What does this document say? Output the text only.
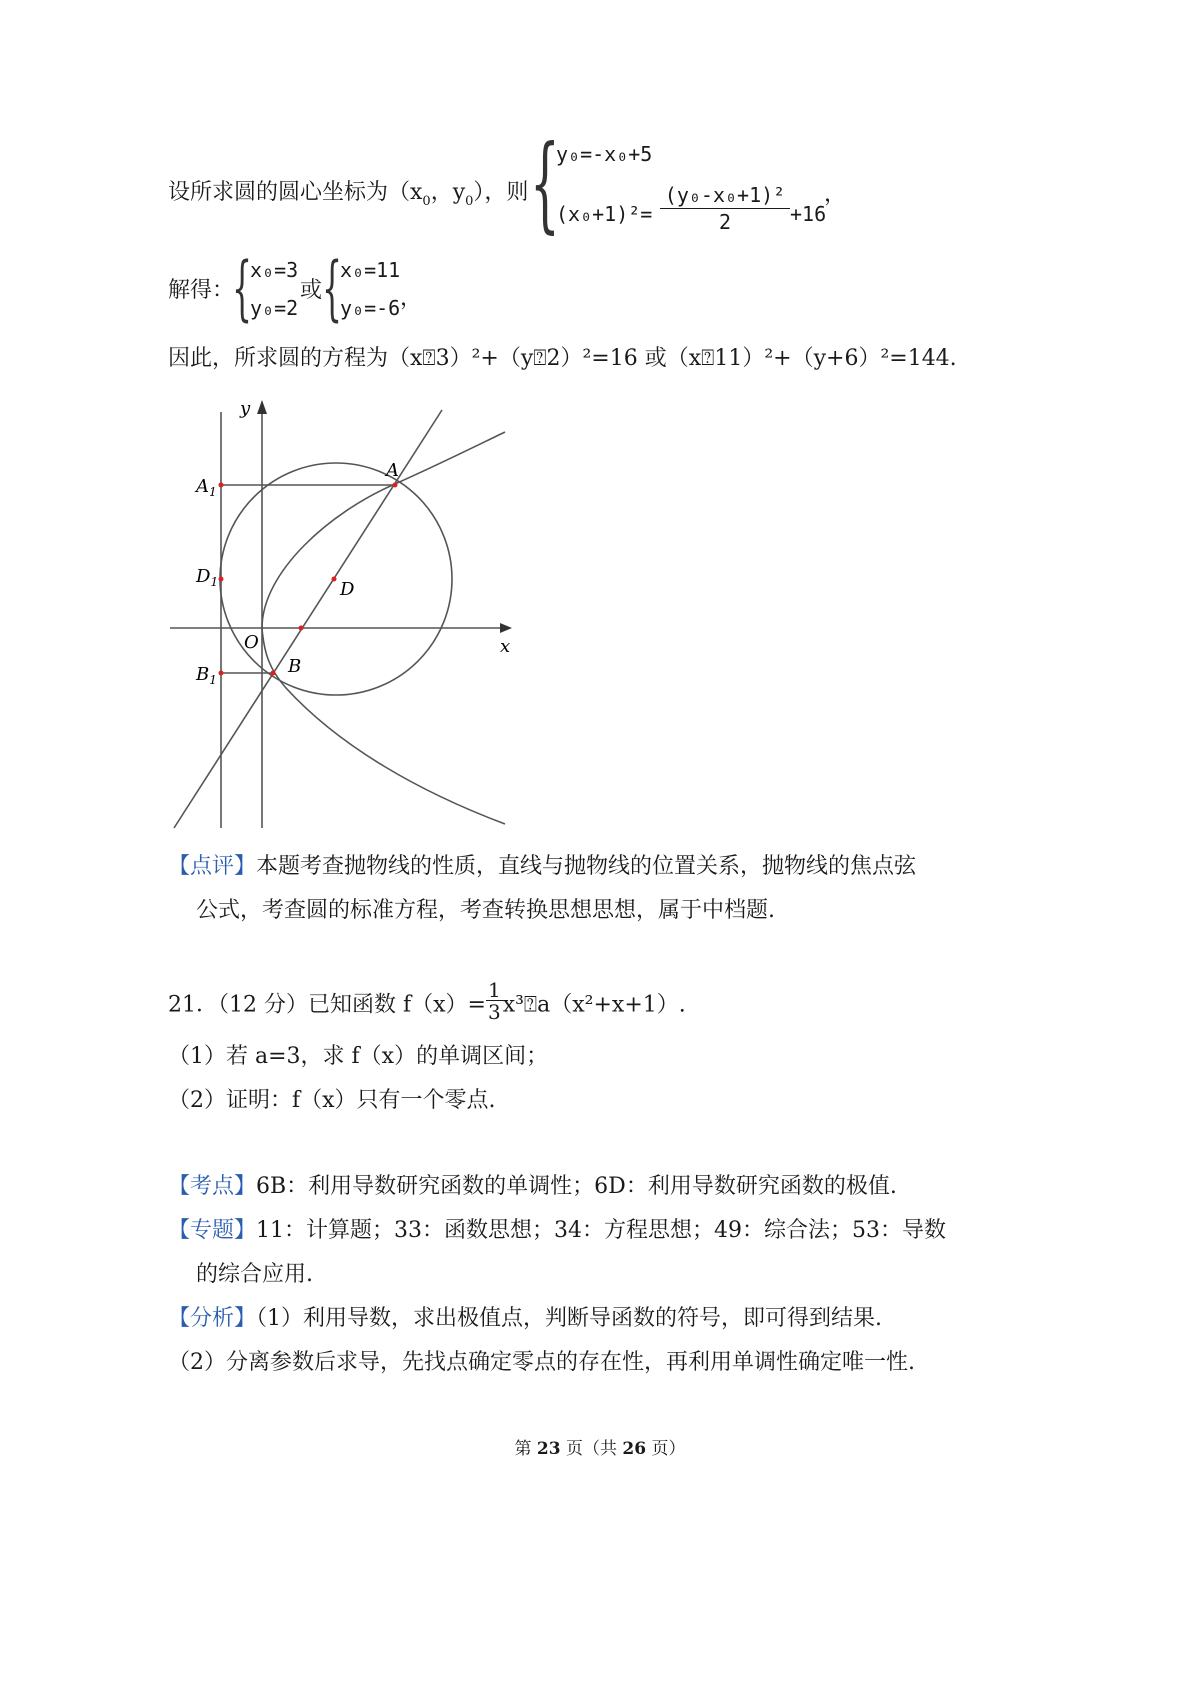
设所求圆的圆心坐标为（$x_0$，$y_0$），则 {
y₀=-x₀+5
$(x_0+1)^2= \frac{\text{(y₀-x₀+1)²}}{2} +16$
，
解得：
{
x₀=3
y₀=2
或 {
x₀=11
y₀=-6 ，
因此，所求圆的方程为（x⍰3）²+（y⍰2）²=16 或（x⍰11）²+（y+6）²=144.
y
x
O
A
B
D
$A_1$
$B_1$
$D_1$
【点评】本题考查抛物线的性质，直线与抛物线的位置关系，抛物线的焦点弦
公式，考查圆的标准方程，考查转换思想思想，属于中档题.
21．（12 分）已知函数 $f(x)= \frac{1}{3}$ x³⍰a（x²+x+1）.
（1）若 a=3，求 f（x）的单调区间；
（2）证明：f（x）只有一个零点.
【考点】6B：利用导数研究函数的单调性；6D：利用导数研究函数的极值.
【专题】11：计算题；33：函数思想；34：方程思想；49：综合法；53：导数
的综合应用.
【分析】（1）利用导数，求出极值点，判断导函数的符号，即可得到结果.
（2）分离参数后求导，先找点确定零点的存在性，再利用单调性确定唯一性.
第 23 页（共 26 页）
